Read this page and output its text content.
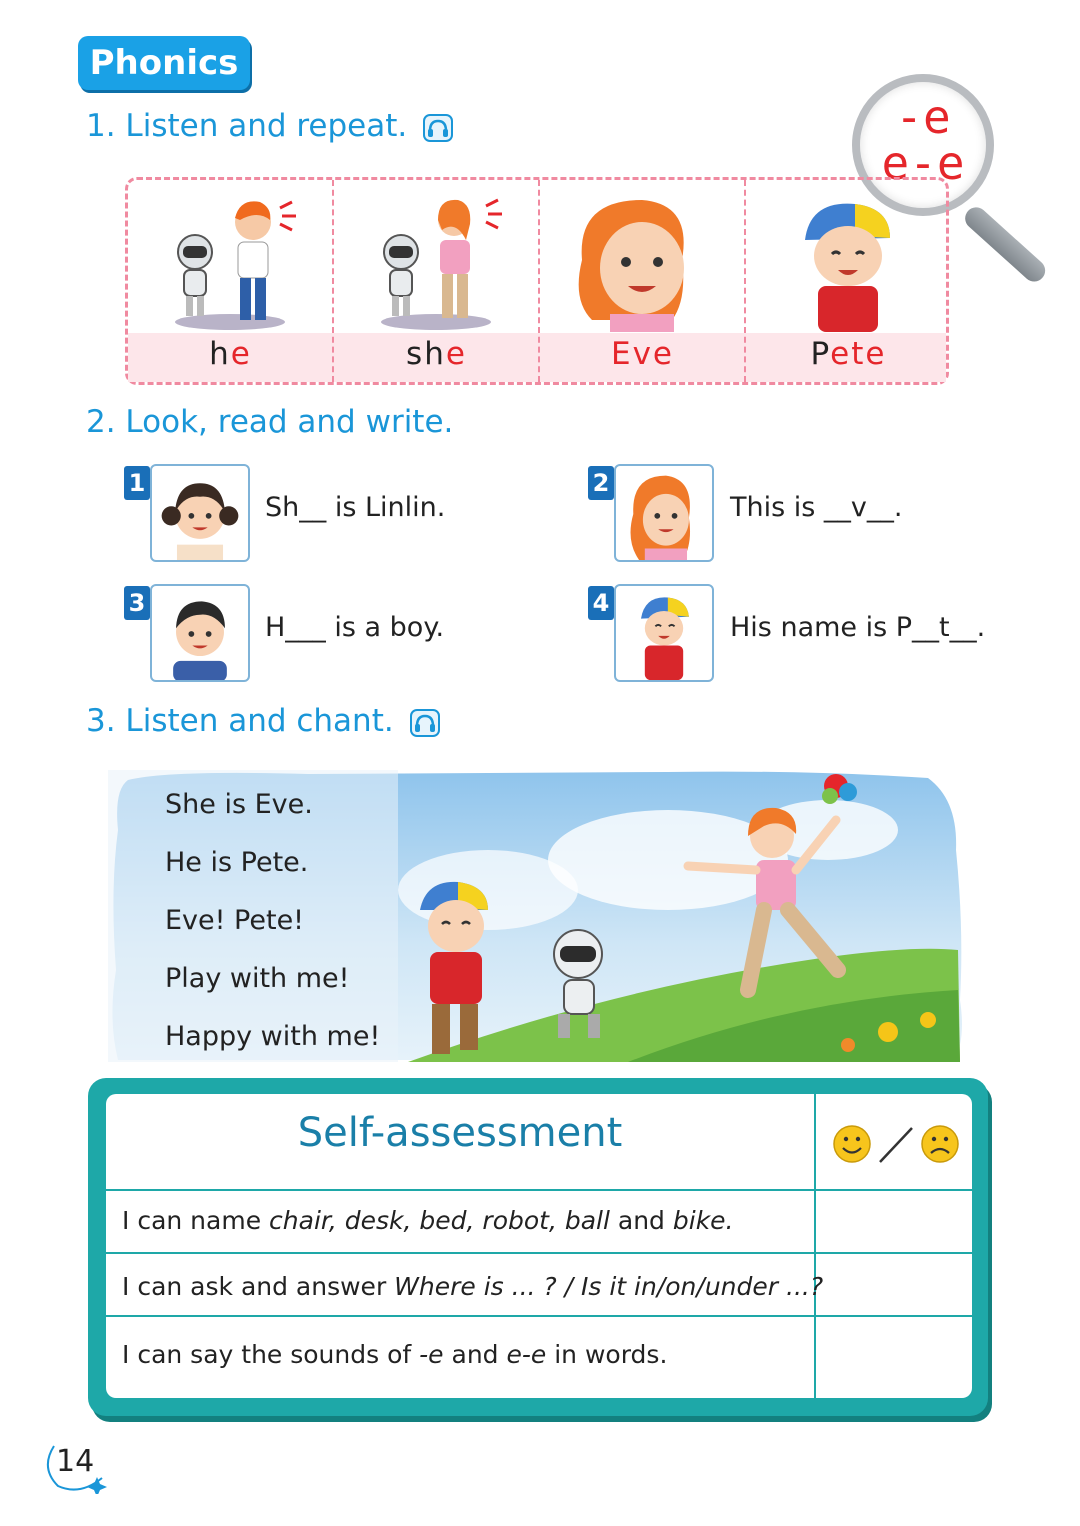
Phonics
1. Listen and repeat.	-e
e-e
he	she	Eve	Pete
2. Look, read and write.
1
Sh__ is Linlin.
2
This is __v__.
3
H___ is a boy.
4
His name is P__t__.
3. Listen and chant.
She is Eve.
He is Pete.
Eve! Pete!
Play with me!
Happy with me!
Self-assessment
I can name chair, desk, bed, robot, ball and bike.
I can ask and answer Where is ... ? / Is it in/on/under ...?
I can say the sounds of -e and e-e in words.
14
